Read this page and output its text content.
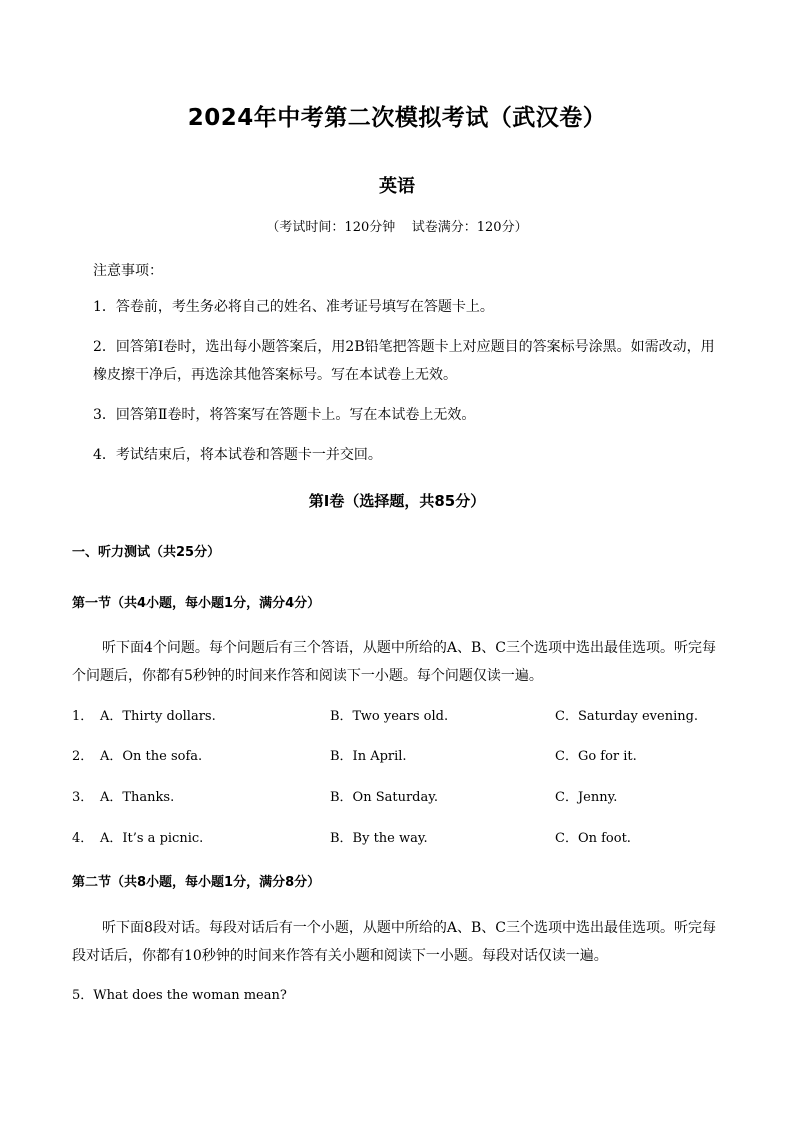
2024年中考第二次模拟考试（武汉卷）
英语
（考试时间：120分钟    试卷满分：120分）
注意事项：
1．答卷前，考生务必将自己的姓名、准考证号填写在答题卡上。
2．回答第Ⅰ卷时，选出每小题答案后，用2B铅笔把答题卡上对应题目的答案标号涂黑。如需改动，用
橡皮擦干净后，再选涂其他答案标号。写在本试卷上无效。
3．回答第Ⅱ卷时，将答案写在答题卡上。写在本试卷上无效。
4．考试结束后，将本试卷和答题卡一并交回。
第Ⅰ卷（选择题，共85分）
一、听力测试（共25分）
第一节（共4小题，每小题1分，满分4分）
听下面4个问题。每个问题后有三个答语，从题中所给的A、B、C三个选项中选出最佳选项。听完每
个问题后，你都有5秒钟的时间来作答和阅读下一小题。每个问题仅读一遍。
1． A．Thirty dollars.	B．Two years old.	C．Saturday evening.
2． A．On the sofa.	B．In April.	C．Go for it.
3． A．Thanks.	B．On Saturday.	C．Jenny.
4． A．It’s a picnic.	B．By the way.	C．On foot.
第二节（共8小题，每小题1分，满分8分）
听下面8段对话。每段对话后有一个小题，从题中所给的A、B、C三个选项中选出最佳选项。听完每
段对话后，你都有10秒钟的时间来作答有关小题和阅读下一小题。每段对话仅读一遍。
5．What does the woman mean?
